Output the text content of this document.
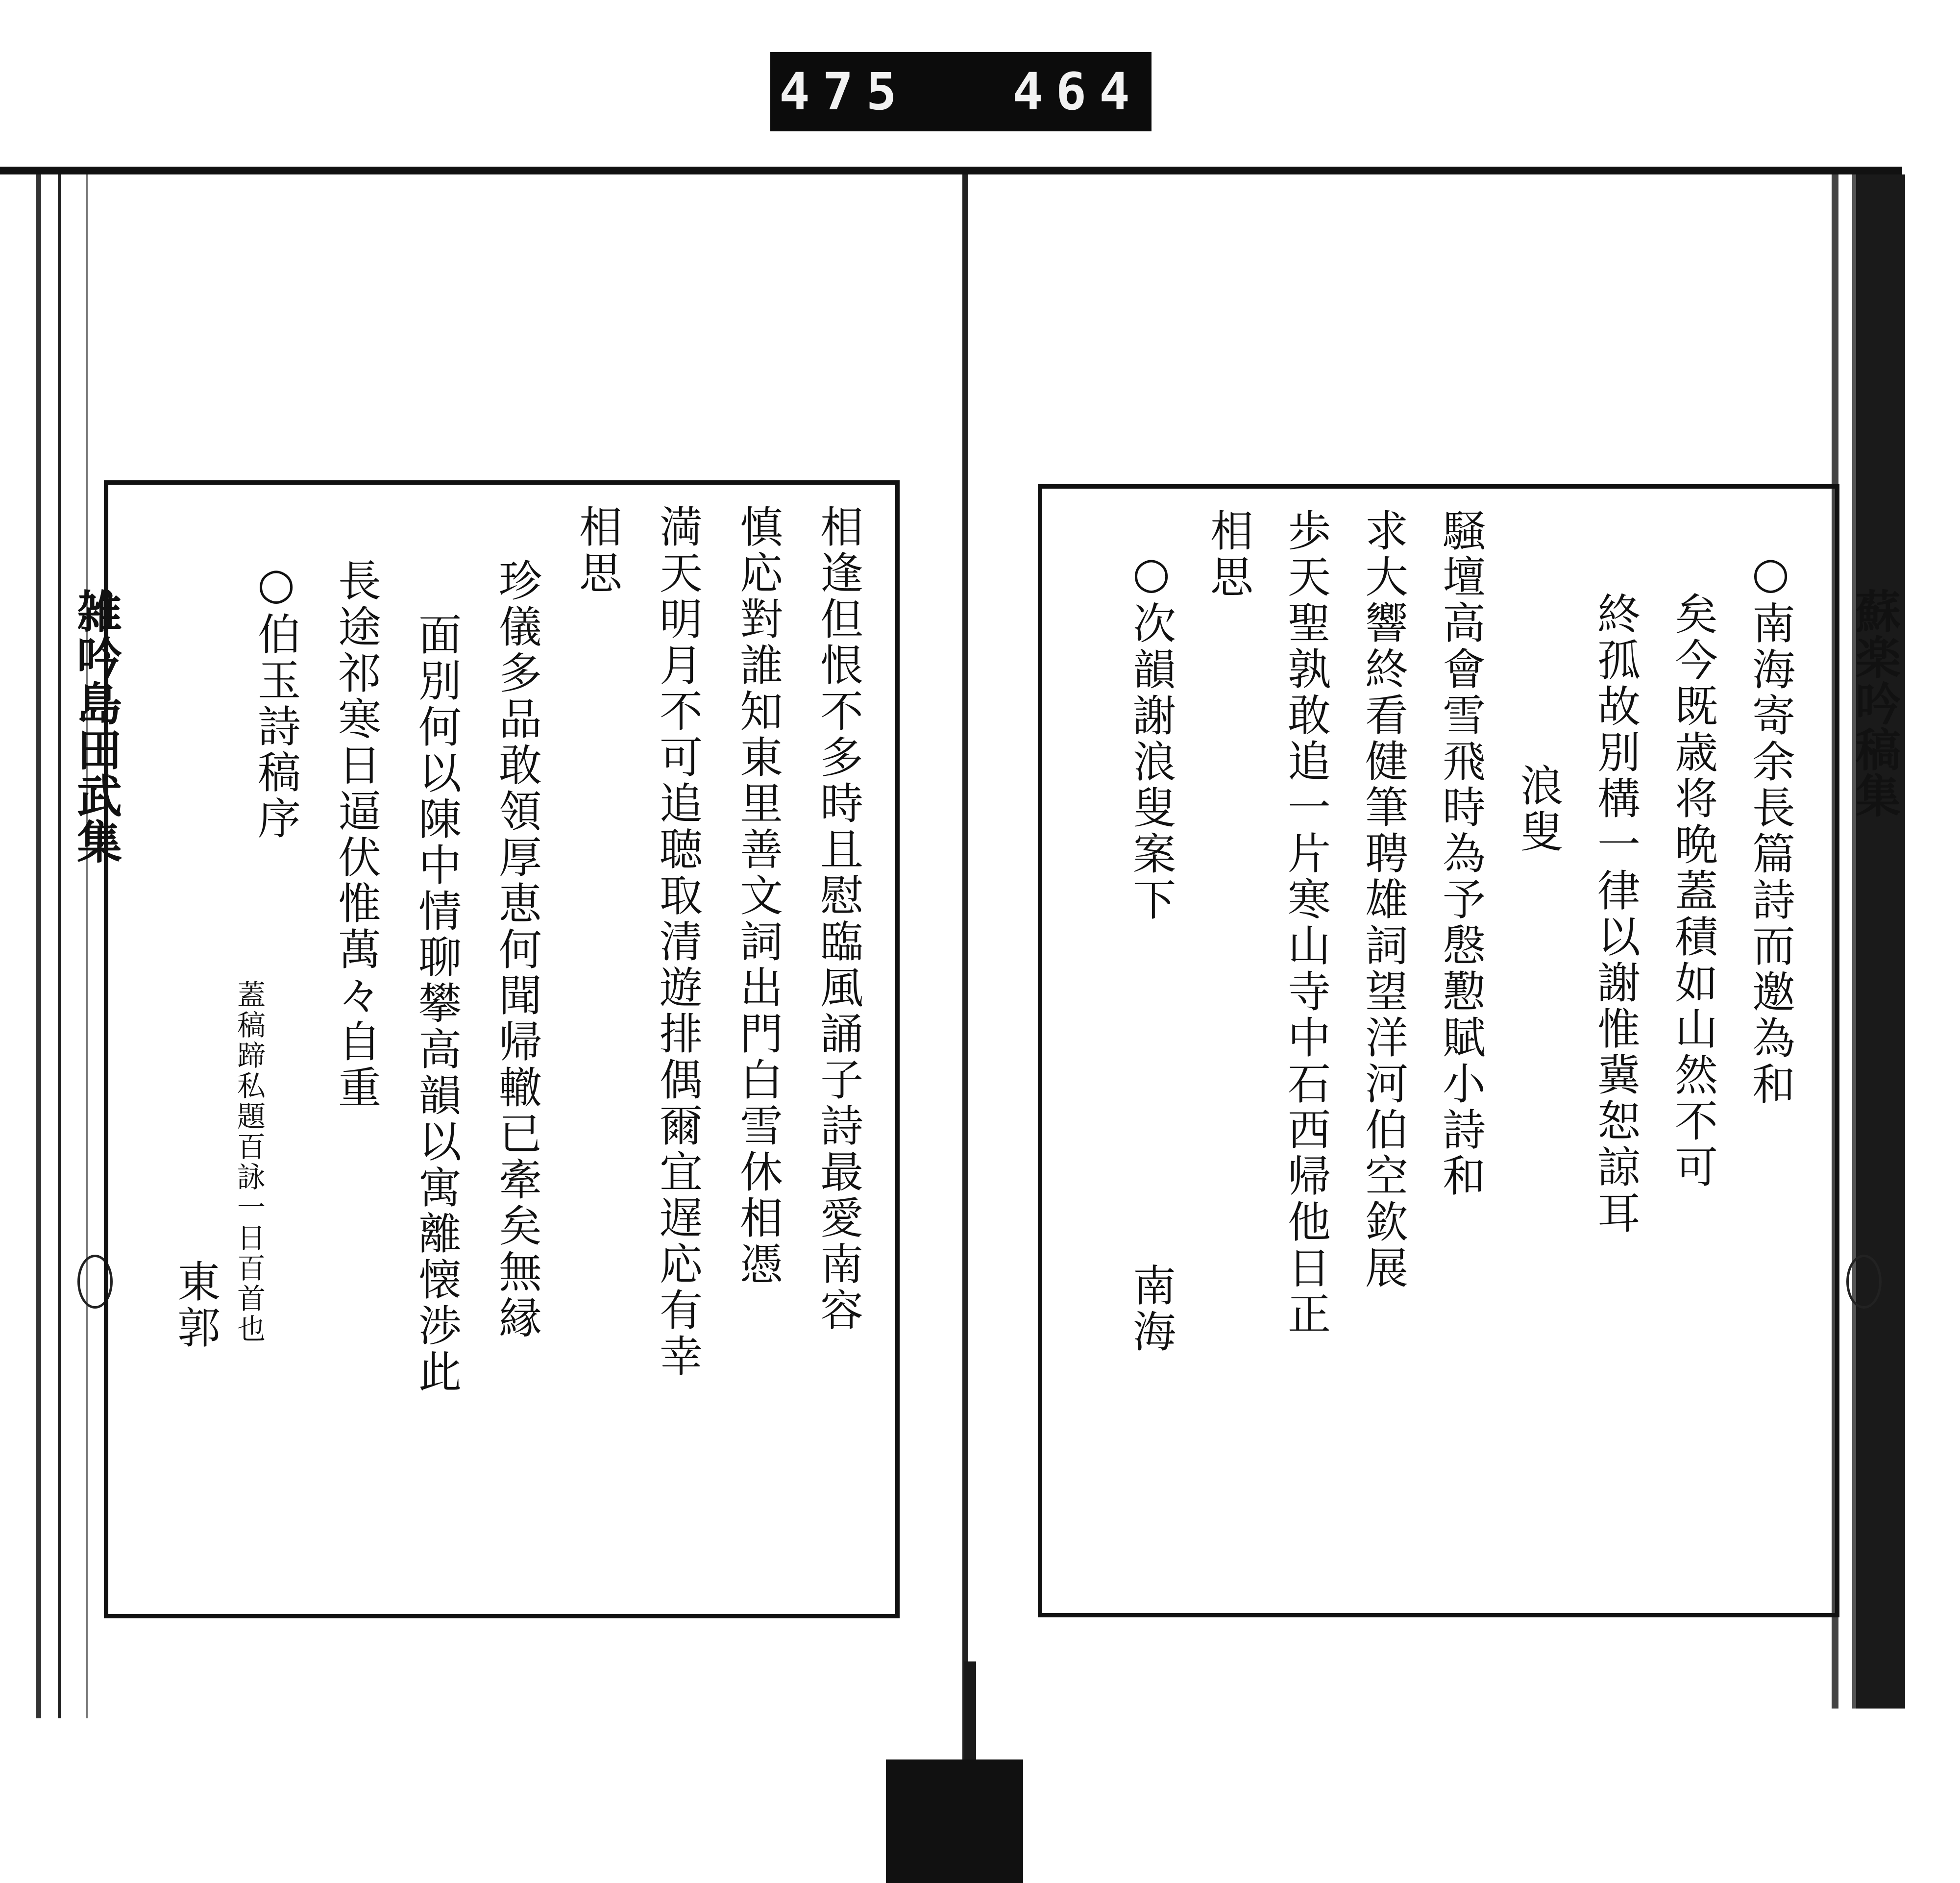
475 464
蘇楽吟稿集
雑吟島田武集	○南海寄余長篇詩而邀為和
矣今既歳将晩蓋積如山然不可
終孤故別構一律以謝惟冀恕諒耳
浪叟
騒壇高會雪飛時為予慇懃賦小詩和
求大響終看健筆聘雄詞望洋河伯空欽展
歩天聖孰敢追一片寒山寺中石西帰他日正
相思
○次韻謝浪叟案下
南海
相逢但恨不多時且慰臨風誦子詩最愛南容
慎応對誰知東里善文詞出門白雪休相憑
満天明月不可追聴取清遊排偶爾宜遅応有幸
相思
珍儀多品敢領厚恵何聞帰轍已牽矣無縁
面別何以陳中情聊攀高韻以寓離懐渉此
長途祁寒日逼伏惟萬々自重
○伯玉詩稿序
蓋稿蹄私題百詠一日百首也
東郭
